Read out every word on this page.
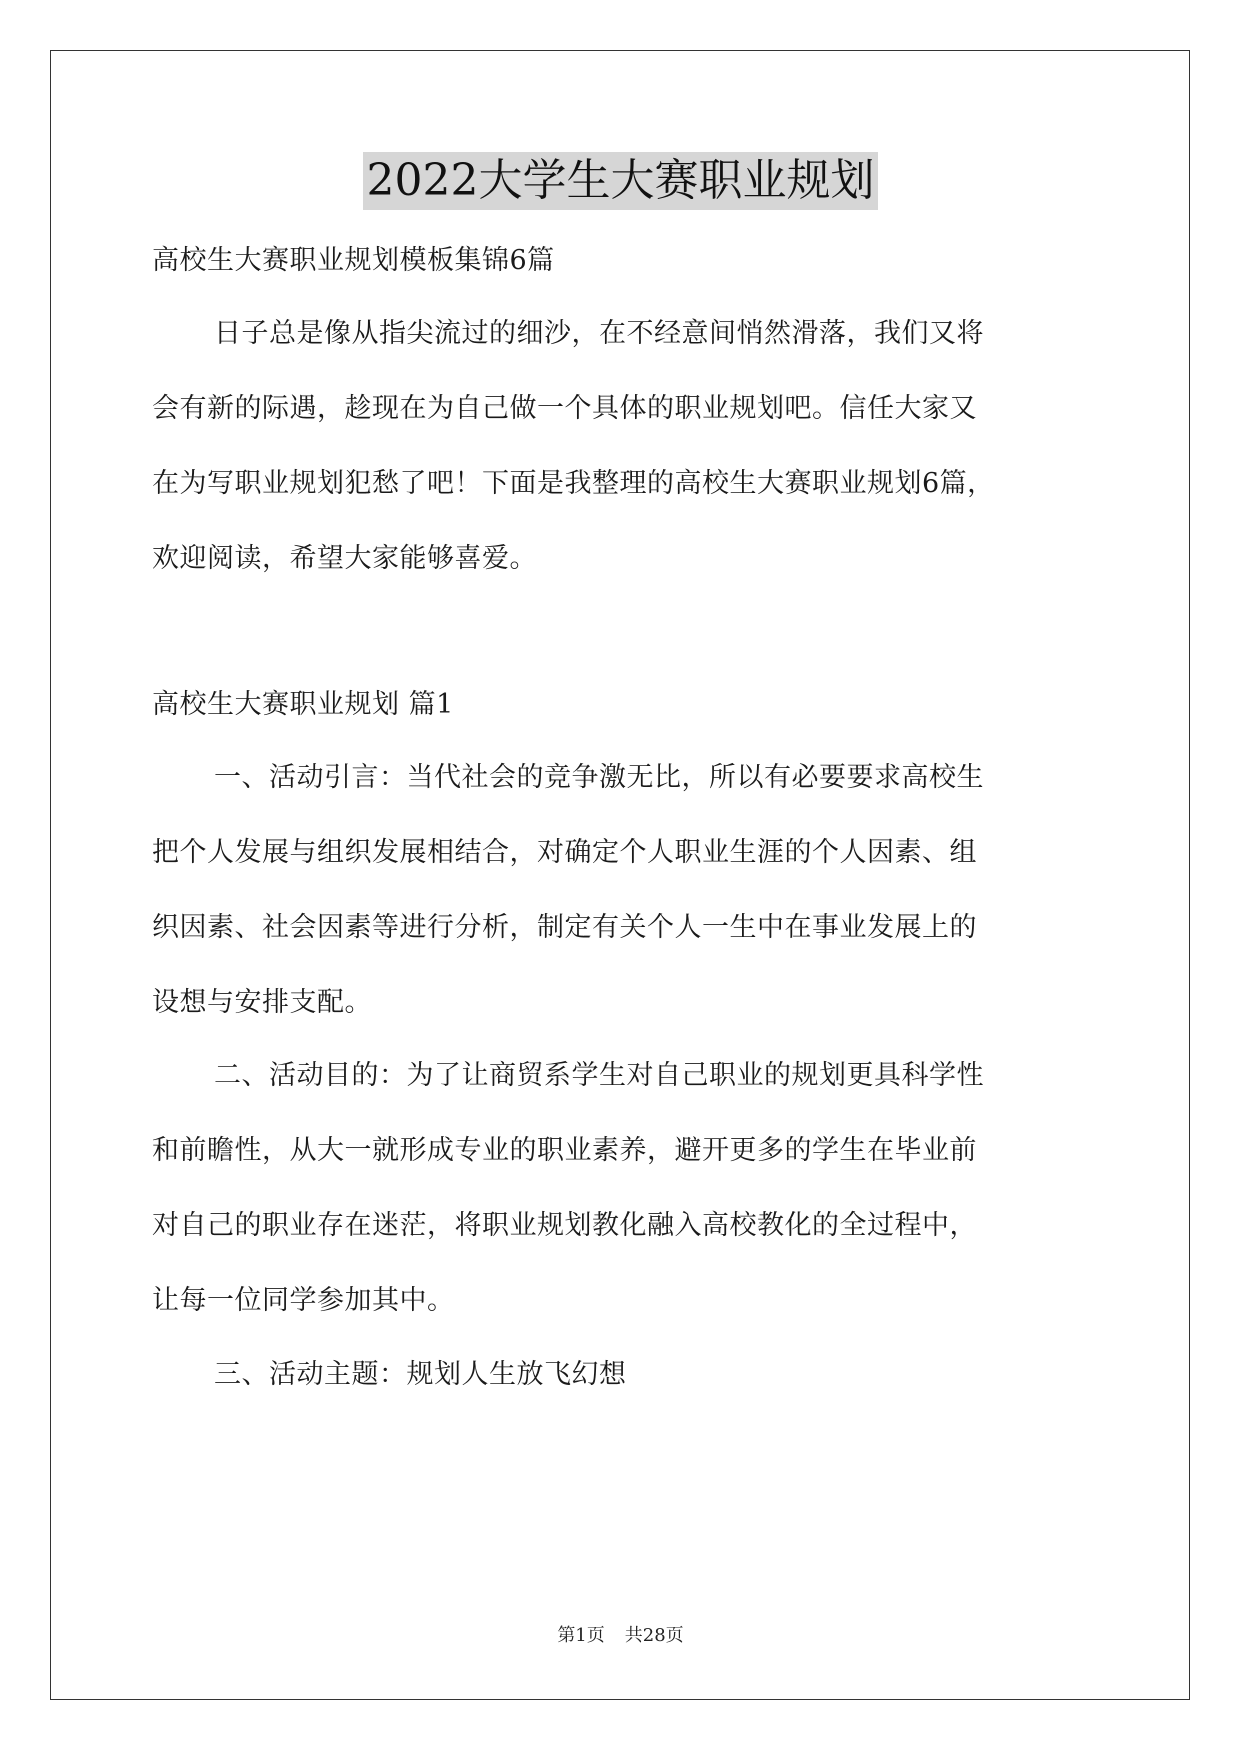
2022大学生大赛职业规划
高校生大赛职业规划模板集锦6篇
日子总是像从指尖流过的细沙，在不经意间悄然滑落，我们又将
会有新的际遇，趁现在为自己做一个具体的职业规划吧。信任大家又
在为写职业规划犯愁了吧！下面是我整理的高校生大赛职业规划6篇，
欢迎阅读，希望大家能够喜爱。
高校生大赛职业规划 篇1
一、活动引言：当代社会的竞争激无比，所以有必要要求高校生
把个人发展与组织发展相结合，对确定个人职业生涯的个人因素、组
织因素、社会因素等进行分析，制定有关个人一生中在事业发展上的
设想与安排支配。
二、活动目的：为了让商贸系学生对自己职业的规划更具科学性
和前瞻性，从大一就形成专业的职业素养，避开更多的学生在毕业前
对自己的职业存在迷茫，将职业规划教化融入高校教化的全过程中，
让每一位同学参加其中。
三、活动主题：规划人生放飞幻想
第1页 共28页
